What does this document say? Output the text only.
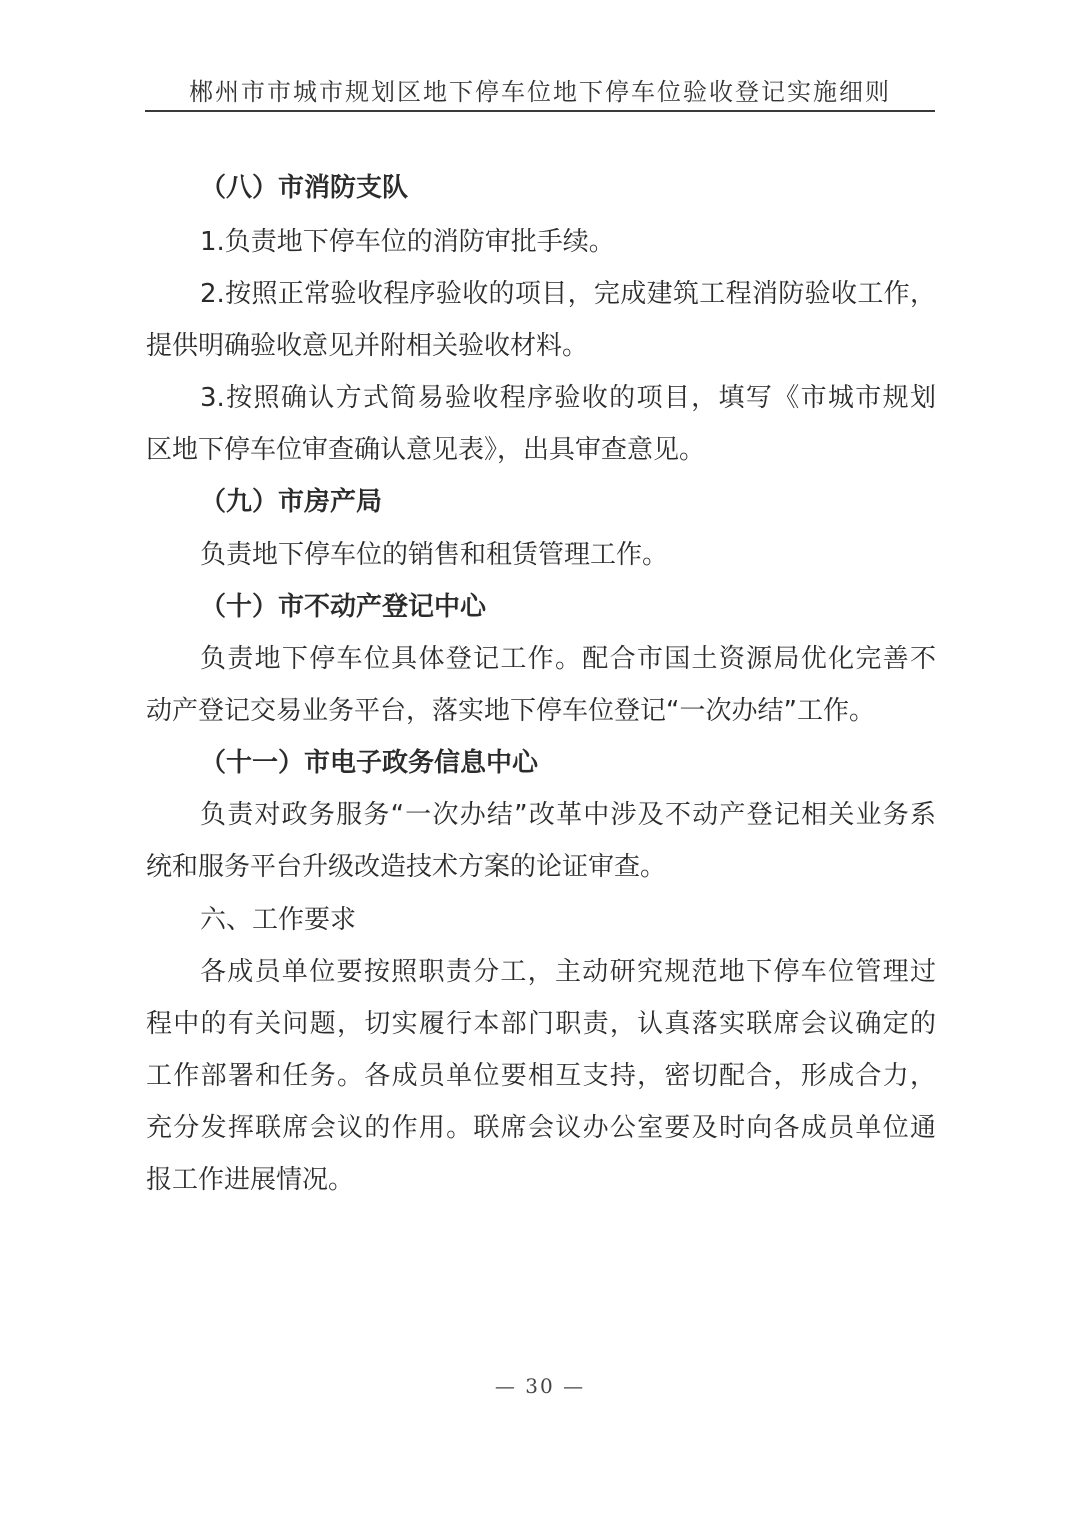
郴州市市城市规划区地下停车位地下停车位验收登记实施细则
（八）市消防支队
1.负责地下停车位的消防审批手续。
2.按照正常验收程序验收的项目，完成建筑工程消防验收工作，
提供明确验收意见并附相关验收材料。
3.按照确认方式简易验收程序验收的项目，填写《市城市规划
区地下停车位审查确认意见表》，出具审查意见。
（九）市房产局
负责地下停车位的销售和租赁管理工作。
（十）市不动产登记中心
负责地下停车位具体登记工作。配合市国土资源局优化完善不
动产登记交易业务平台，落实地下停车位登记“一次办结”工作。
（十一）市电子政务信息中心
负责对政务服务“一次办结”改革中涉及不动产登记相关业务系
统和服务平台升级改造技术方案的论证审查。
六、工作要求
各成员单位要按照职责分工，主动研究规范地下停车位管理过
程中的有关问题，切实履行本部门职责，认真落实联席会议确定的
工作部署和任务。各成员单位要相互支持，密切配合，形成合力，
充分发挥联席会议的作用。联席会议办公室要及时向各成员单位通
报工作进展情况。
— 30 —
